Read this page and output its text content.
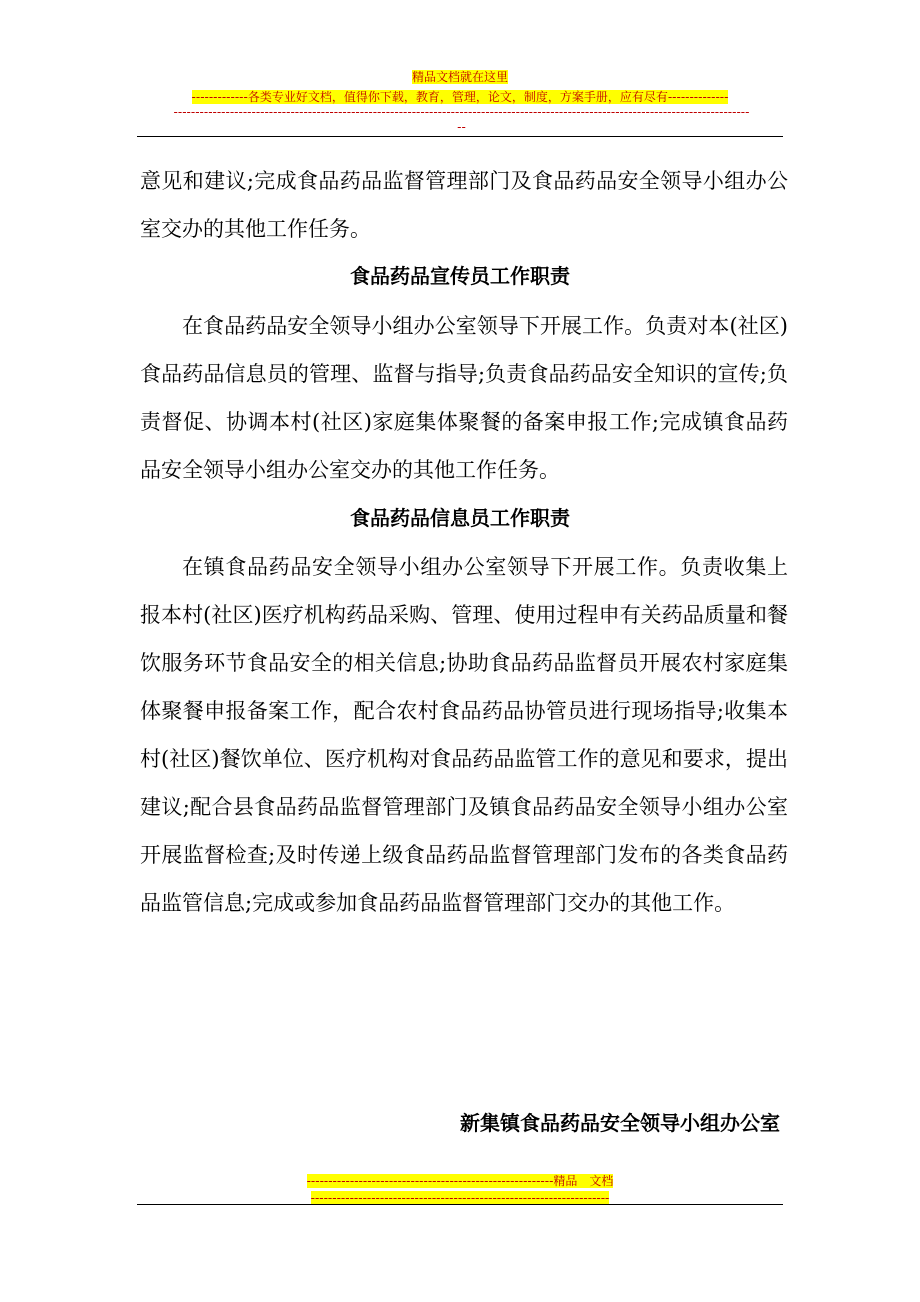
精品文档就在这里
-------------各类专业好文档，值得你下载，教育，管理，论文，制度，方案手册，应有尽有--------------
-------------------------------------------------------------------------------------------------------------------------------------
--

意见和建议;完成食品药品监督管理部门及食品药品安全领导小组办公室交办的其他工作任务。

食品药品宣传员工作职责

在食品药品安全领导小组办公室领导下开展工作。负责对本(社区)食品药品信息员的管理、监督与指导;负责食品药品安全知识的宣传;负责督促、协调本村(社区)家庭集体聚餐的备案申报工作;完成镇食品药品安全领导小组办公室交办的其他工作任务。

食品药品信息员工作职责

在镇食品药品安全领导小组办公室领导下开展工作。负责收集上报本村(社区)医疗机构药品采购、管理、使用过程申有关药品质量和餐饮服务环节食品安全的相关信息;协助食品药品监督员开展农村家庭集体聚餐申报备案工作，配合农村食品药品协管员进行现场指导;收集本村(社区)餐饮单位、医疗机构对食品药品监管工作的意见和要求，提出建议;配合县食品药品监督管理部门及镇食品药品安全领导小组办公室开展监督检查;及时传递上级食品药品监督管理部门发布的各类食品药品监管信息;完成或参加食品药品监督管理部门交办的其他工作。

新集镇食品药品安全领导小组办公室
---------------------------------------------------------精品　文档
---------------------------------------------------------------------
